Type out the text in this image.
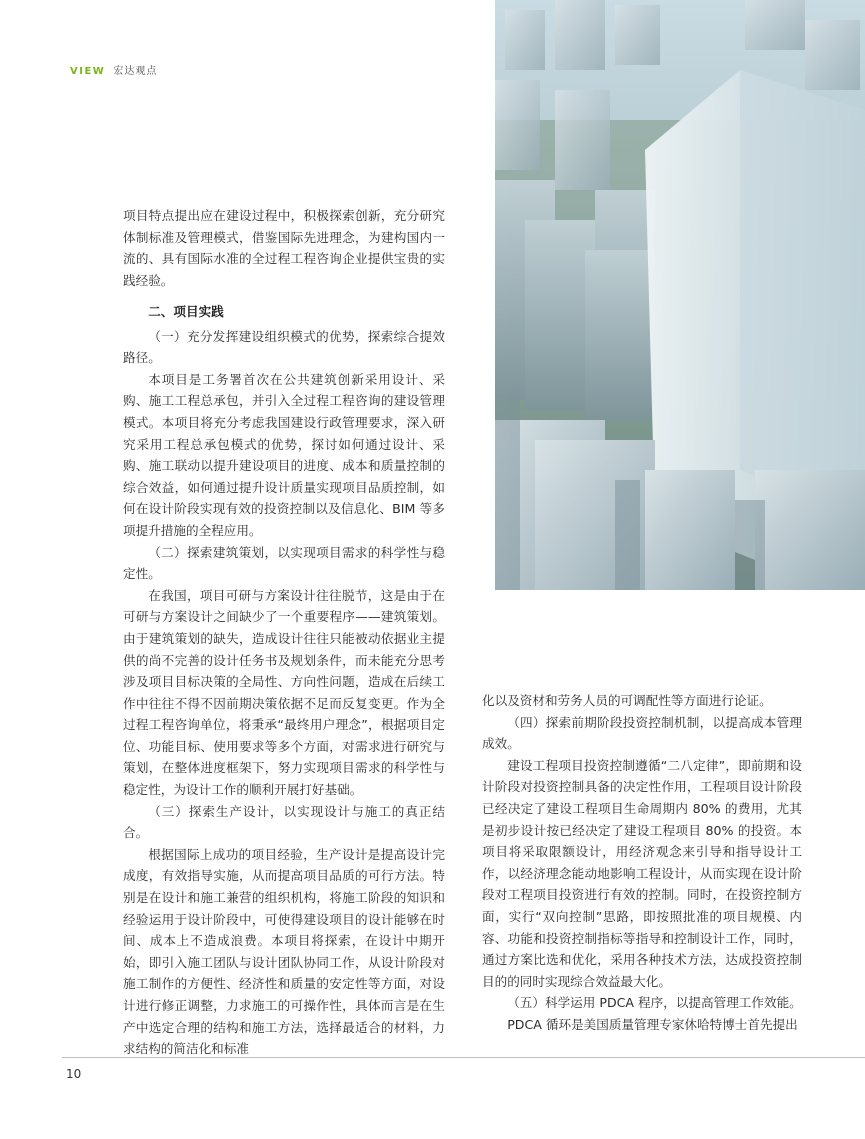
VIEW 宏达观点

项目特点提出应在建设过程中，积极探索创新，充分研究体制标准及管理模式，借鉴国际先进理念，为建构国内一流的、具有国际水准的全过程工程咨询企业提供宝贵的实践经验。

二、项目实践

（一）充分发挥建设组织模式的优势，探索综合提效路径。

本项目是工务署首次在公共建筑创新采用设计、采购、施工工程总承包，并引入全过程工程咨询的建设管理模式。本项目将充分考虑我国建设行政管理要求，深入研究采用工程总承包模式的优势，探讨如何通过设计、采购、施工联动以提升建设项目的进度、成本和质量控制的综合效益，如何通过提升设计质量实现项目品质控制，如何在设计阶段实现有效的投资控制以及信息化、BIM 等多项提升措施的全程应用。

（二）探索建筑策划，以实现项目需求的科学性与稳定性。

在我国，项目可研与方案设计往往脱节，这是由于在可研与方案设计之间缺少了一个重要程序——建筑策划。由于建筑策划的缺失，造成设计往往只能被动依据业主提供的尚不完善的设计任务书及规划条件，而未能充分思考涉及项目目标决策的全局性、方向性问题，造成在后续工作中往往不得不因前期决策依据不足而反复变更。作为全过程工程咨询单位，将秉承“最终用户理念”，根据项目定位、功能目标、使用要求等多个方面，对需求进行研究与策划，在整体进度框架下，努力实现项目需求的科学性与稳定性，为设计工作的顺利开展打好基础。

（三）探索生产设计，以实现设计与施工的真正结合。

根据国际上成功的项目经验，生产设计是提高设计完成度，有效指导实施，从而提高项目品质的可行方法。特别是在设计和施工兼营的组织机构，将施工阶段的知识和经验运用于设计阶段中，可使得建设项目的设计能够在时间、成本上不造成浪费。本项目将探索，在设计中期开始，即引入施工团队与设计团队协同工作，从设计阶段对施工制作的方便性、经济性和质量的安定性等方面，对设计进行修正调整，力求施工的可操作性，具体而言是在生产中选定合理的结构和施工方法，选择最适合的材料，力求结构的简洁化和标准

化以及资材和劳务人员的可调配性等方面进行论证。

（四）探索前期阶段投资控制机制，以提高成本管理成效。

建设工程项目投资控制遵循“二八定律”，即前期和设计阶段对投资控制具备的决定性作用，工程项目设计阶段已经决定了建设工程项目生命周期内 80% 的费用，尤其是初步设计按已经决定了建设工程项目 80% 的投资。本项目将采取限额设计，用经济观念来引导和指导设计工作，以经济理念能动地影响工程设计，从而实现在设计阶段对工程项目投资进行有效的控制。同时，在投资控制方面，实行“双向控制”思路，即按照批准的项目规模、内容、功能和投资控制指标等指导和控制设计工作，同时，通过方案比选和优化，采用各种技术方法，达成投资控制目的的同时实现综合效益最大化。

（五）科学运用 PDCA 程序，以提高管理工作效能。

PDCA 循环是美国质量管理专家休哈特博士首先提出

10
